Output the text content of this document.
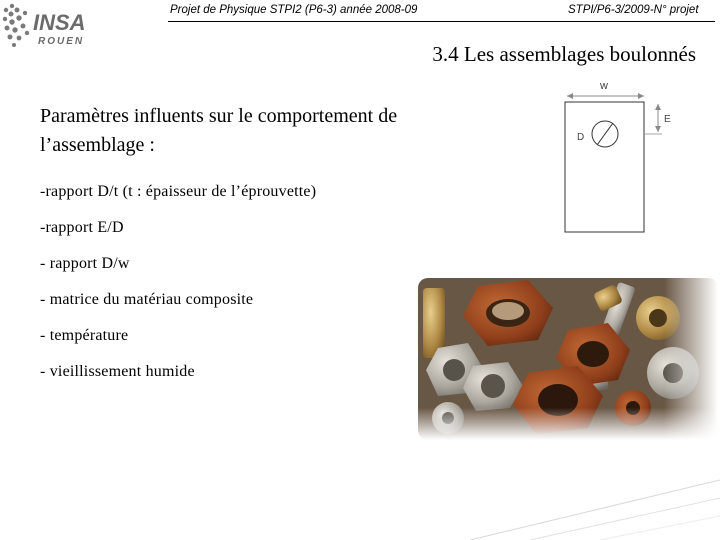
INSA
ROUEN
Projet de Physique STPI2 (P6-3) année 2008-09	STPI/P6-3/2009-N° projet
3.4 Les assemblages boulonnés
Paramètres influents sur le comportement de l’assemblage :
-rapport D/t (t : épaisseur de l’éprouvette)
-rapport E/D
- rapport D/w
- matrice du matériau composite
- température
- vieillissement humide
w
E
D
